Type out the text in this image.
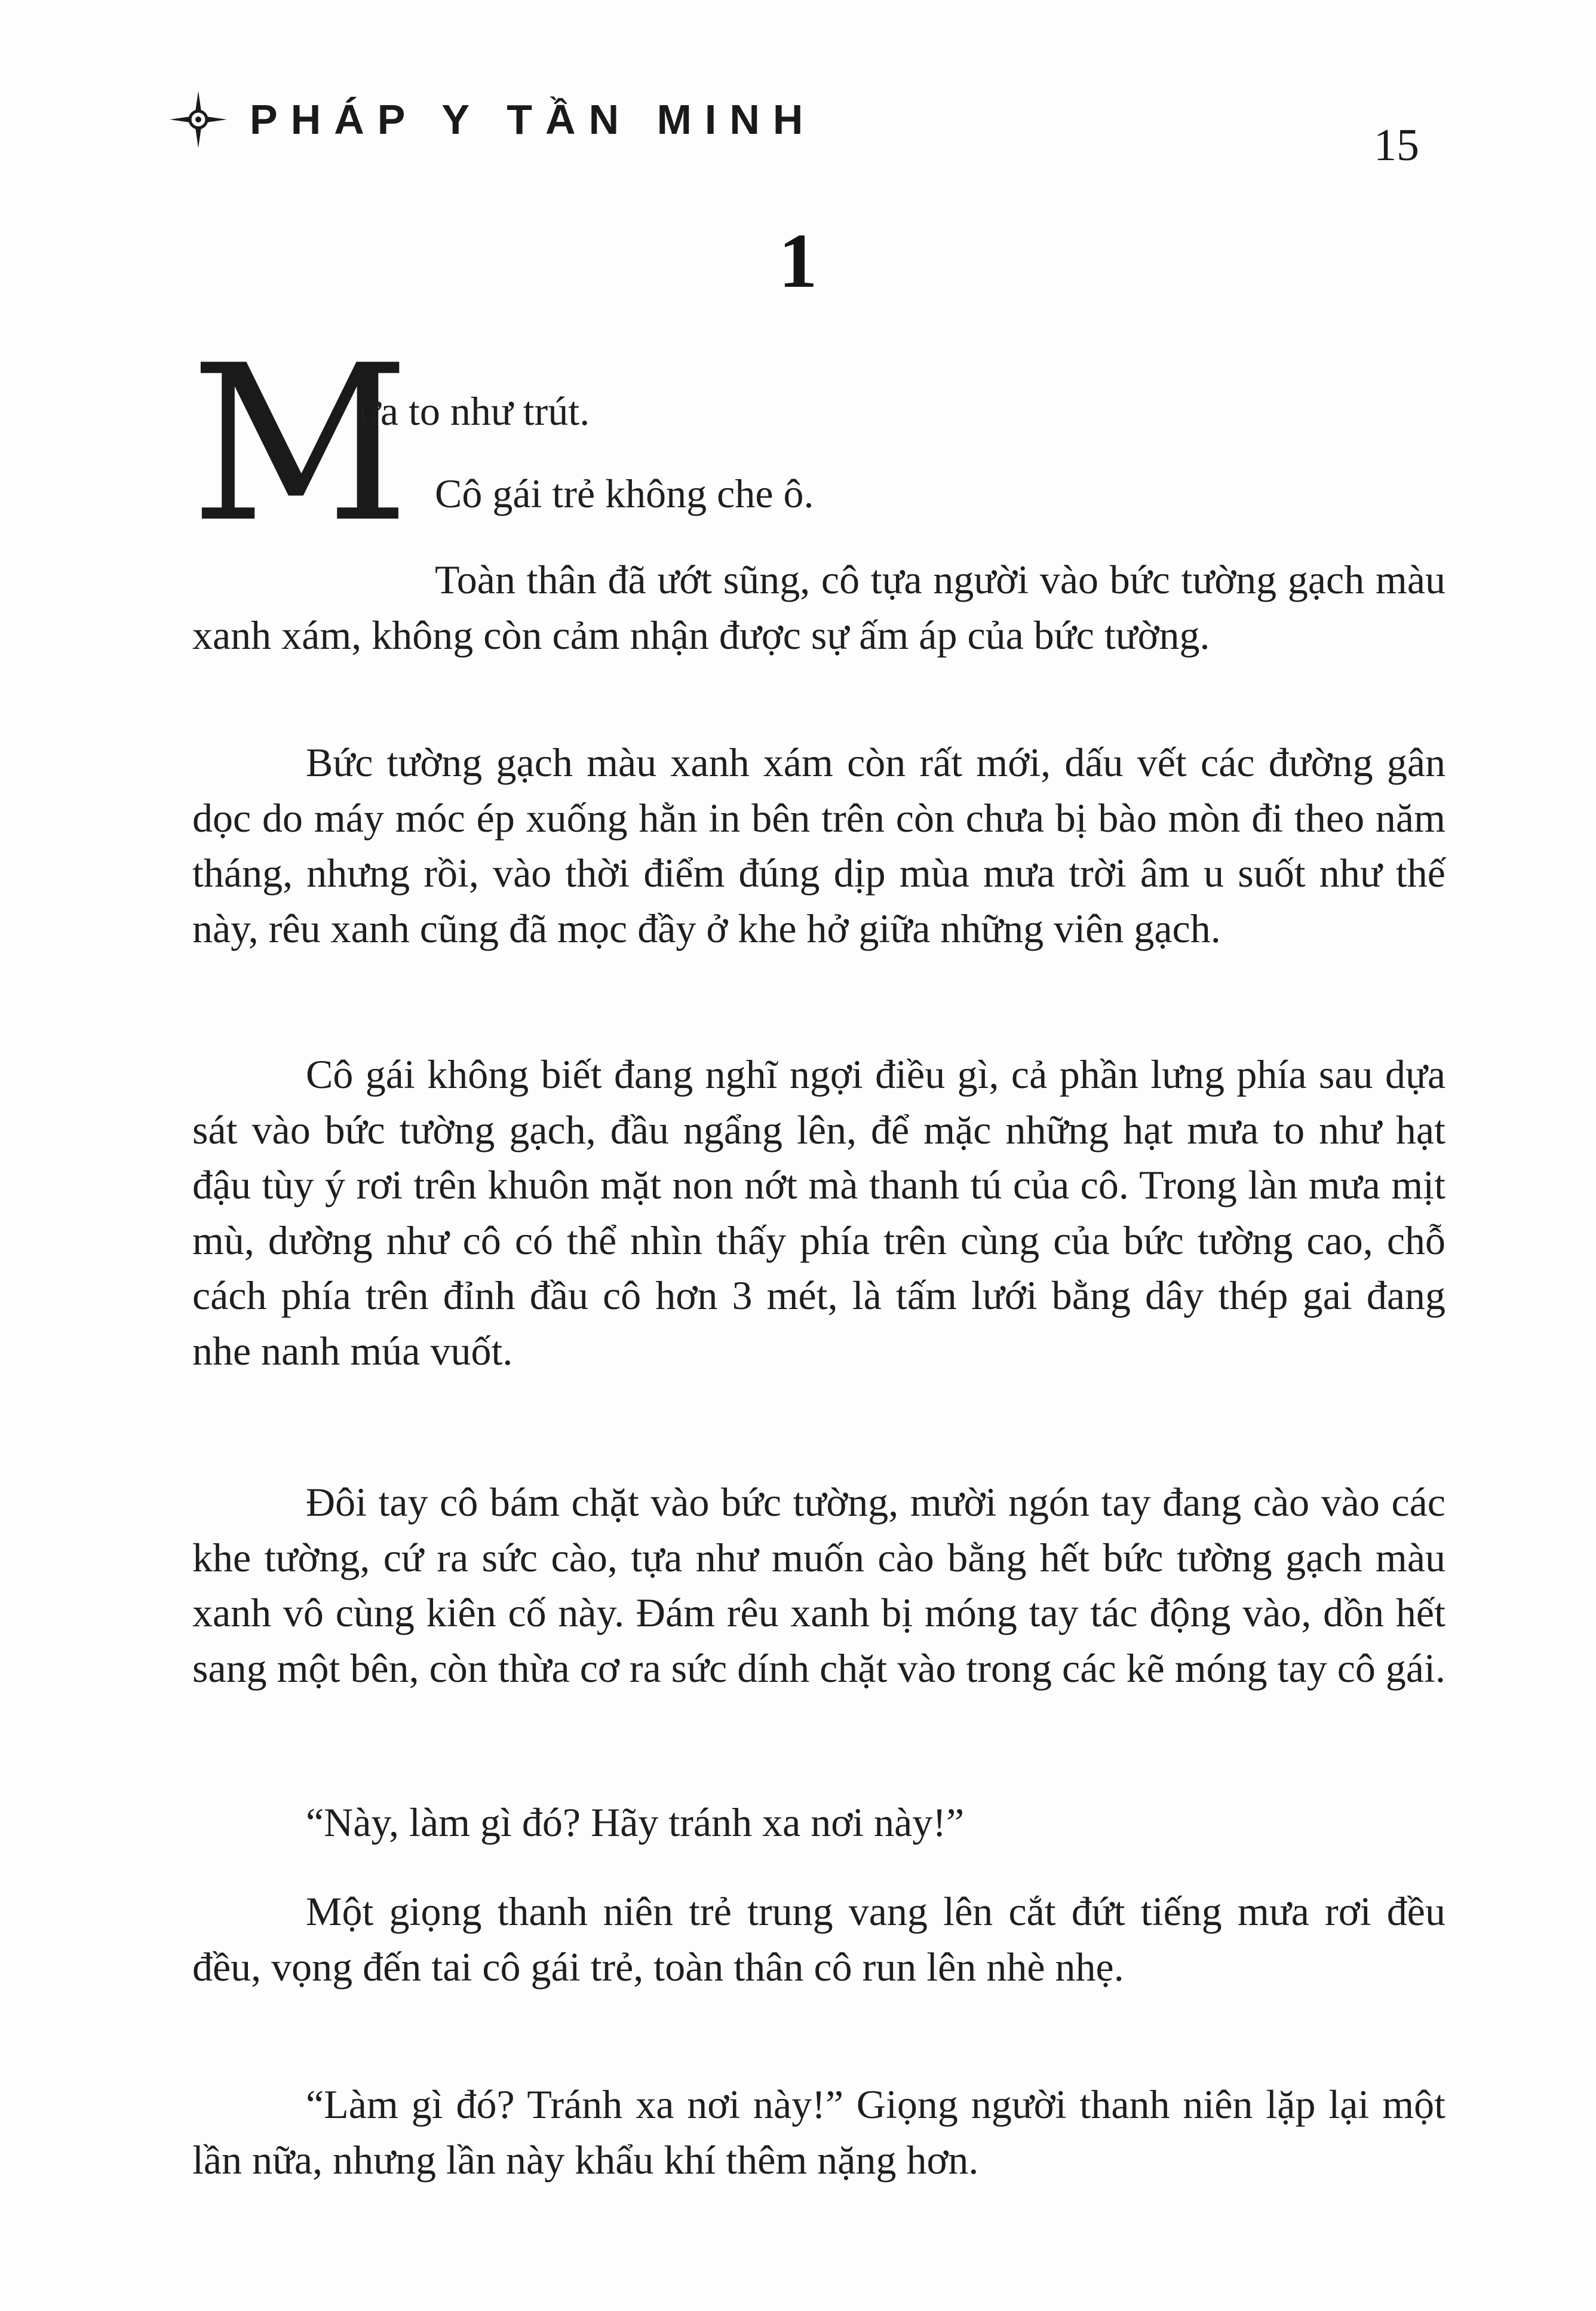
PHÁP Y TẦN MINH
15
1
M
ưa to như trút.
Cô gái trẻ không che ô.

Toàn thân đã ướt sũng, cô tựa người vào bức tường gạch màu xanh xám, không còn cảm nhận được sự ấm áp của bức tường.

Bức tường gạch màu xanh xám còn rất mới, dấu vết các đường gân dọc do máy móc ép xuống hằn in bên trên còn chưa bị bào mòn đi theo năm tháng, nhưng rồi, vào thời điểm đúng dịp mùa mưa trời âm u suốt như thế này, rêu xanh cũng đã mọc đầy ở khe hở giữa những viên gạch.

Cô gái không biết đang nghĩ ngợi điều gì, cả phần lưng phía sau dựa sát vào bức tường gạch, đầu ngẩng lên, để mặc những hạt mưa to như hạt đậu tùy ý rơi trên khuôn mặt non nớt mà thanh tú của cô. Trong làn mưa mịt mù, dường như cô có thể nhìn thấy phía trên cùng của bức tường cao, chỗ cách phía trên đỉnh đầu cô hơn 3 mét, là tấm lưới bằng dây thép gai đang nhe nanh múa vuốt.

Đôi tay cô bám chặt vào bức tường, mười ngón tay đang cào vào các khe tường, cứ ra sức cào, tựa như muốn cào bằng hết bức tường gạch màu xanh vô cùng kiên cố này. Đám rêu xanh bị móng tay tác động vào, dồn hết sang một bên, còn thừa cơ ra sức dính chặt vào trong các kẽ móng tay cô gái.

“Này, làm gì đó? Hãy tránh xa nơi này!”

Một giọng thanh niên trẻ trung vang lên cắt đứt tiếng mưa rơi đều đều, vọng đến tai cô gái trẻ, toàn thân cô run lên nhè nhẹ.

“Làm gì đó? Tránh xa nơi này!” Giọng người thanh niên lặp lại một lần nữa, nhưng lần này khẩu khí thêm nặng hơn.
